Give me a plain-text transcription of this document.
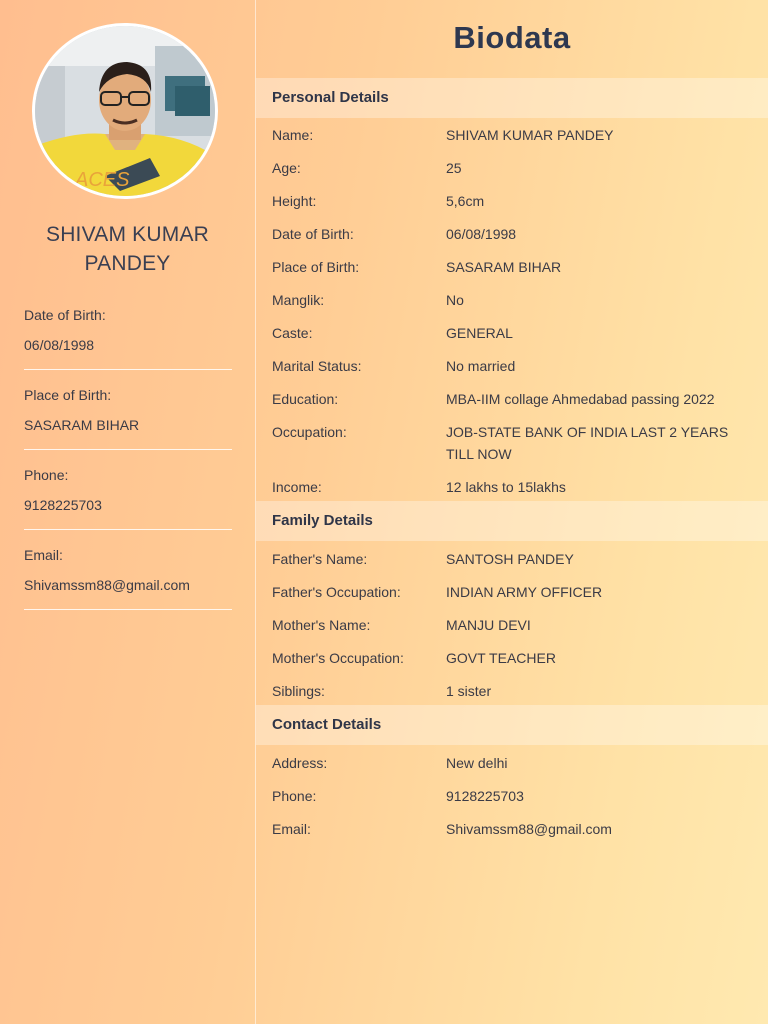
ACES
SHIVAM KUMAR
PANDEY
Date of Birth:
06/08/1998
Place of Birth:
SASARAM BIHAR
Phone:
9128225703
Email:
Shivamssm88@gmail.com
Biodata
Personal Details
Name:	SHIVAM KUMAR PANDEY
Age:	25
Height:	5,6cm
Date of Birth:	06/08/1998
Place of Birth:	SASARAM BIHAR
Manglik:	No
Caste:	GENERAL
Marital Status:	No married
Education:	MBA-IIM collage Ahmedabad passing 2022
Occupation:	JOB-STATE BANK OF INDIA LAST 2 YEARS TILL NOW
Income:	12 lakhs to 15lakhs
Family Details
Father's Name:	SANTOSH PANDEY
Father's Occupation:	INDIAN ARMY OFFICER
Mother's Name:	MANJU DEVI
Mother's Occupation:	GOVT TEACHER
Siblings:	1 sister
Contact Details
Address:	New delhi
Phone:	9128225703
Email:	Shivamssm88@gmail.com
